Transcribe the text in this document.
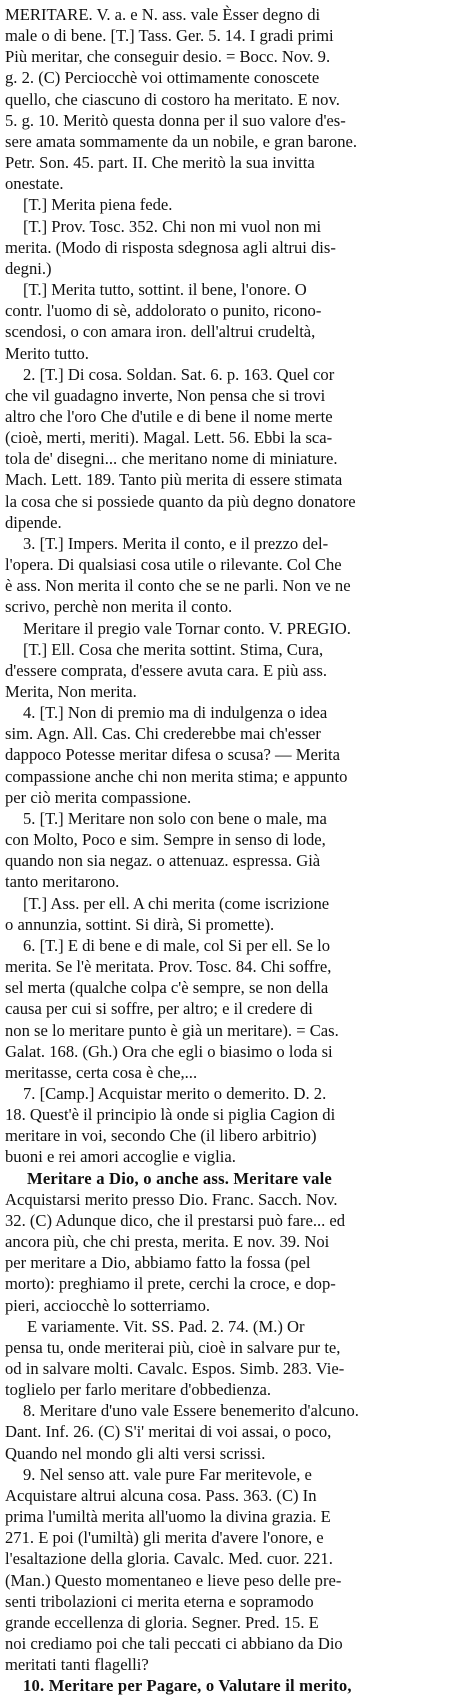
MERITARE. V. a. e N. ass. vale Èsser degno di
male o di bene. [T.] Tass. Ger. 5. 14. I gradi primi
Più meritar, che conseguir desio. = Bocc. Nov. 9.
g. 2. (C) Perciocchè voi ottimamente conoscete
quello, che ciascuno di costoro ha meritato. E nov.
5. g. 10. Meritò questa donna per il suo valore d'es-
sere amata sommamente da un nobile, e gran barone.
Petr. Son. 45. part. II. Che meritò la sua invitta
onestate.
[T.] Merita piena fede.
[T.] Prov. Tosc. 352. Chi non mi vuol non mi
merita. (Modo di risposta sdegnosa agli altrui dis-
degni.)
[T.] Merita tutto, sottint. il bene, l'onore. O
contr. l'uomo di sè, addolorato o punito, ricono-
scendosi, o con amara iron. dell'altrui crudeltà,
Merito tutto.
2. [T.] Di cosa. Soldan. Sat. 6. p. 163. Quel cor
che vil guadagno inverte, Non pensa che si trovi
altro che l'oro Che d'utile e di bene il nome merte
(cioè, merti, meriti). Magal. Lett. 56. Ebbi la sca-
tola de' disegni... che meritano nome di miniature.
Mach. Lett. 189. Tanto più merita di essere stimata
la cosa che si possiede quanto da più degno donatore
dipende.
3. [T.] Impers. Merita il conto, e il prezzo del-
l'opera. Di qualsiasi cosa utile o rilevante. Col Che
è ass. Non merita il conto che se ne parli. Non ve ne
scrivo, perchè non merita il conto.
Meritare il pregio vale Tornar conto. V. PREGIO.
[T.] Ell. Cosa che merita sottint. Stima, Cura,
d'essere comprata, d'essere avuta cara. E più ass.
Merita, Non merita.
4. [T.] Non di premio ma di indulgenza o idea
sim. Agn. All. Cas. Chi crederebbe mai ch'esser
dappoco Potesse meritar difesa o scusa? — Merita
compassione anche chi non merita stima; e appunto
per ciò merita compassione.
5. [T.] Meritare non solo con bene o male, ma
con Molto, Poco e sim. Sempre in senso di lode,
quando non sia negaz. o attenuaz. espressa. Già
tanto meritarono.
[T.] Ass. per ell. A chi merita (come iscrizione
o annunzia, sottint. Si dirà, Si promette).
6. [T.] E di bene e di male, col Si per ell. Se lo
merita. Se l'è meritata. Prov. Tosc. 84. Chi soffre,
sel merta (qualche colpa c'è sempre, se non della
causa per cui si soffre, per altro; e il credere di
non se lo meritare punto è già un meritare). = Cas.
Galat. 168. (Gh.) Ora che egli o biasimo o loda si
meritasse, certa cosa è che,...
7. [Camp.] Acquistar merito o demerito. D. 2.
18. Quest'è il principio là onde si piglia Cagion di
meritare in voi, secondo Che (il libero arbitrio)
buoni e rei amori accoglie e viglia.
Meritare a Dio, o anche ass. Meritare vale
Acquistarsi merito presso Dio. Franc. Sacch. Nov.
32. (C) Adunque dico, che il prestarsi può fare... ed
ancora più, che chi presta, merita. E nov. 39. Noi
per meritare a Dio, abbiamo fatto la fossa (pel
morto): preghiamo il prete, cerchi la croce, e dop-
pieri, acciocchè lo sotterriamo.
E variamente. Vit. SS. Pad. 2. 74. (M.) Or
pensa tu, onde meriterai più, cioè in salvare pur te,
od in salvare molti. Cavalc. Espos. Simb. 283. Vie-
toglielo per farlo meritare d'obbedienza.
8. Meritare d'uno vale Essere benemerito d'alcuno.
Dant. Inf. 26. (C) S'i' meritai di voi assai, o poco,
Quando nel mondo gli alti versi scrissi.
9. Nel senso att. vale pure Far meritevole, e
Acquistare altrui alcuna cosa. Pass. 363. (C) In
prima l'umiltà merita all'uomo la divina grazia. E
271. E poi (l'umiltà) gli merita d'avere l'onore, e
l'esaltazione della gloria. Cavalc. Med. cuor. 221.
(Man.) Questo momentaneo e lieve peso delle pre-
senti tribolazioni ci merita eterna e sopramodo
grande eccellenza di gloria. Segner. Pred. 15. E
noi crediamo poi che tali peccati ci abbiano da Dio
meritati tanti flagelli?
10. Meritare per Pagare, o Valutare il merito,
